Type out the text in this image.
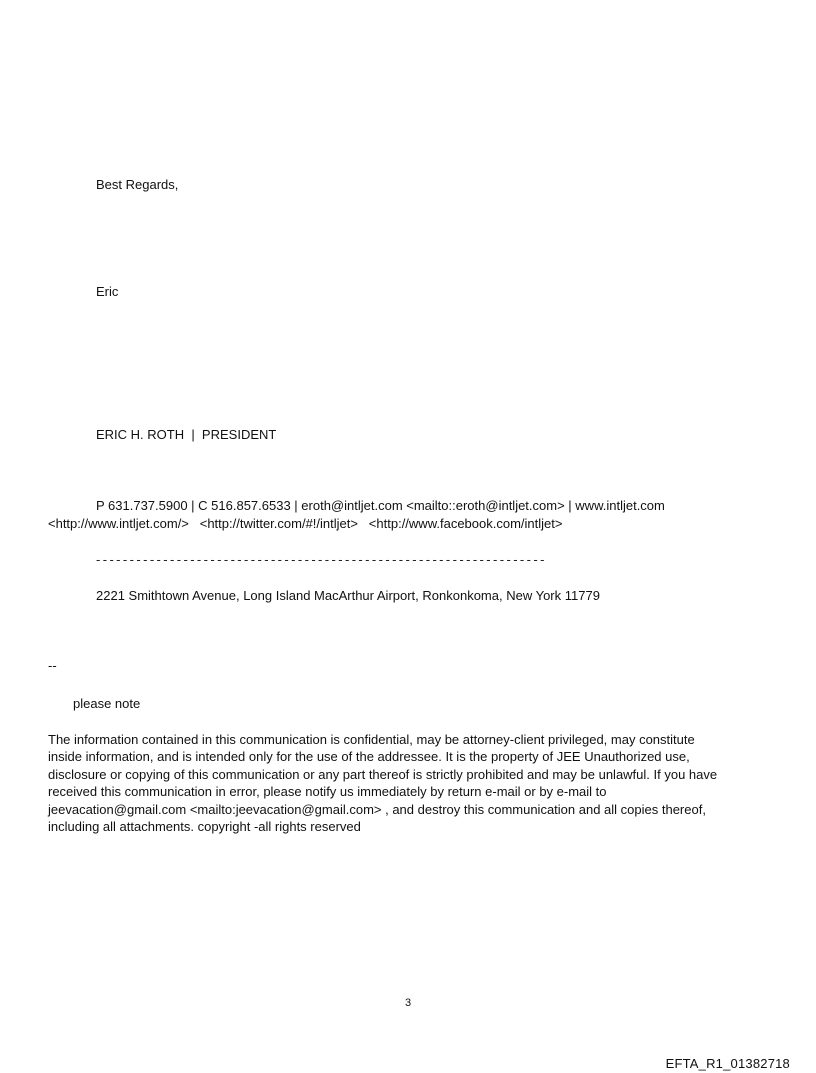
Best Regards,

Eric

ERIC H. ROTH  |  PRESIDENT

P 631.737.5900 | C 516.857.6533 | eroth@intljet.com <mailto::eroth@intljet.com> | www.intljet.com

<http://www.intljet.com/>   <http://twitter.com/#!/intljet>   <http://www.facebook.com/intljet>

-------------------------------------------------------------------

2221 Smithtown Avenue, Long Island MacArthur Airport, Ronkonkoma, New York 11779

--

please note

The information contained in this communication is confidential, may be attorney-client privileged, may constitute
inside information, and is intended only for the use of the addressee. It is the property of JEE Unauthorized use,
disclosure or copying of this communication or any part thereof is strictly prohibited and may be unlawful. If you have
received this communication in error, please notify us immediately by return e-mail or by e-mail to
jeevacation@gmail.com <mailto:jeevacation@gmail.com> , and destroy this communication and all copies thereof,
including all attachments. copyright -all rights reserved
3
EFTA_R1_01382718
